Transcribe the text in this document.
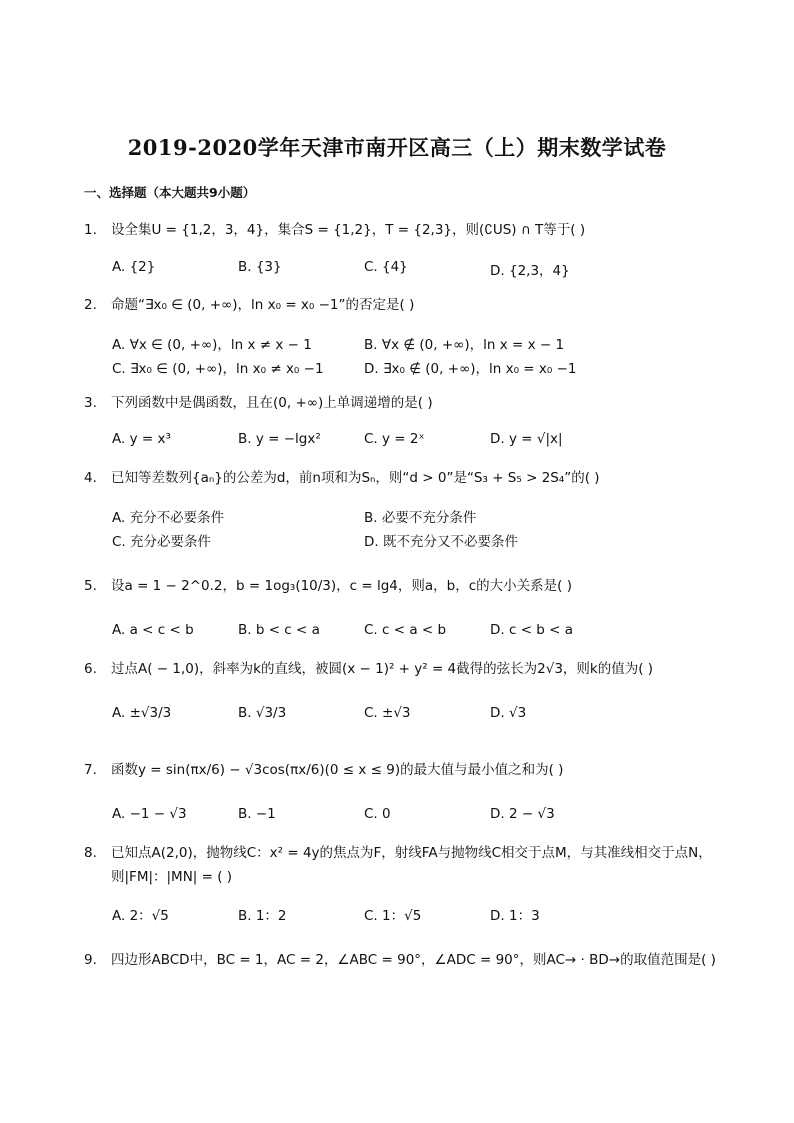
2019-2020学年天津市南开区高三（上）期末数学试卷
一、选择题（本大题共9小题）
1.	设全集U = {1,2，3，4}，集合S = {1,2}，T = {2,3}，则(∁US) ∩ T等于( )
A. {2}	B. {3}	C. {4}	D. {2,3，4}
2.	命题“∃x₀ ∈ (0, +∞)，ln x₀ = x₀ −1”的否定是( )
A. ∀x ∈ (0, +∞)，ln x ≠ x − 1	B. ∀x ∉ (0, +∞)，ln x = x − 1
C. ∃x₀ ∈ (0, +∞)，ln x₀ ≠ x₀ −1	D. ∃x₀ ∉ (0, +∞)，ln x₀ = x₀ −1
3.	下列函数中是偶函数，且在(0, +∞)上单调递增的是( )
A. y = x³	B. y = −lgx²	C. y = 2ˣ	D. y = √|x|
4.	已知等差数列{aₙ}的公差为d，前n项和为Sₙ，则“d > 0”是“S₃ + S₅ > 2S₄”的( )
A. 充分不必要条件	B. 必要不充分条件
C. 充分必要条件	D. 既不充分又不必要条件
5.	设a = 1 − 2^0.2，b = 1og₃(10/3)，c = lg4，则a，b，c的大小关系是( )
A. a < c < b	B. b < c < a	C. c < a < b	D. c < b < a
6.	过点A( − 1,0)，斜率为k的直线，被圆(x − 1)² + y² = 4截得的弦长为2√3，则k的值为( )
A. ±√3/3	B. √3/3	C. ±√3	D. √3
7.	函数y = sin(πx/6) − √3cos(πx/6)(0 ≤ x ≤ 9)的最大值与最小值之和为( )
A. −1 − √3	B. −1	C. 0	D. 2 − √3
8.	已知点A(2,0)，抛物线C：x² = 4y的焦点为F，射线FA与抛物线C相交于点M，与其准线相交于点N，则|FM|：|MN| = ( )
A. 2：√5	B. 1：2	C. 1：√5	D. 1：3
9.	四边形ABCD中，BC = 1，AC = 2，∠ABC = 90°，∠ADC = 90°，则AC→ · BD→的取值范围是( )
